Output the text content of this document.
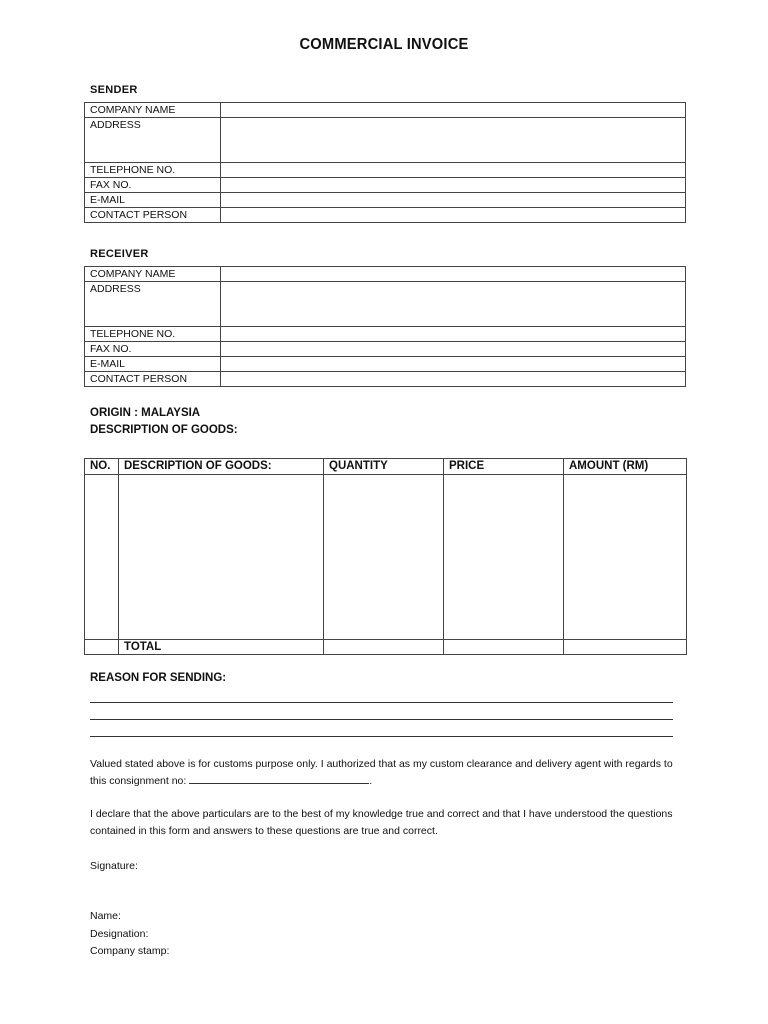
COMMERCIAL INVOICE
SENDER
COMPANY NAME	
ADDRESS	
TELEPHONE NO.	
FAX NO.	
E-MAIL	
CONTACT PERSON	
RECEIVER
COMPANY NAME	
ADDRESS	
TELEPHONE NO.	
FAX NO.	
E-MAIL	
CONTACT PERSON	
ORIGIN : MALAYSIA
DESCRIPTION OF GOODS:
NO.	DESCRIPTION OF GOODS:	QUANTITY	PRICE	AMOUNT (RM)

	TOTAL			
REASON FOR SENDING:
Valued stated above is for customs purpose only. I authorized that as my custom clearance and delivery agent with regards to
this consignment no:	.
I declare that the above particulars are to the best of my knowledge true and correct and that I have understood the questions
contained in this form and answers to these questions are true and correct.
Signature:
Name:
Designation:
Company stamp:
